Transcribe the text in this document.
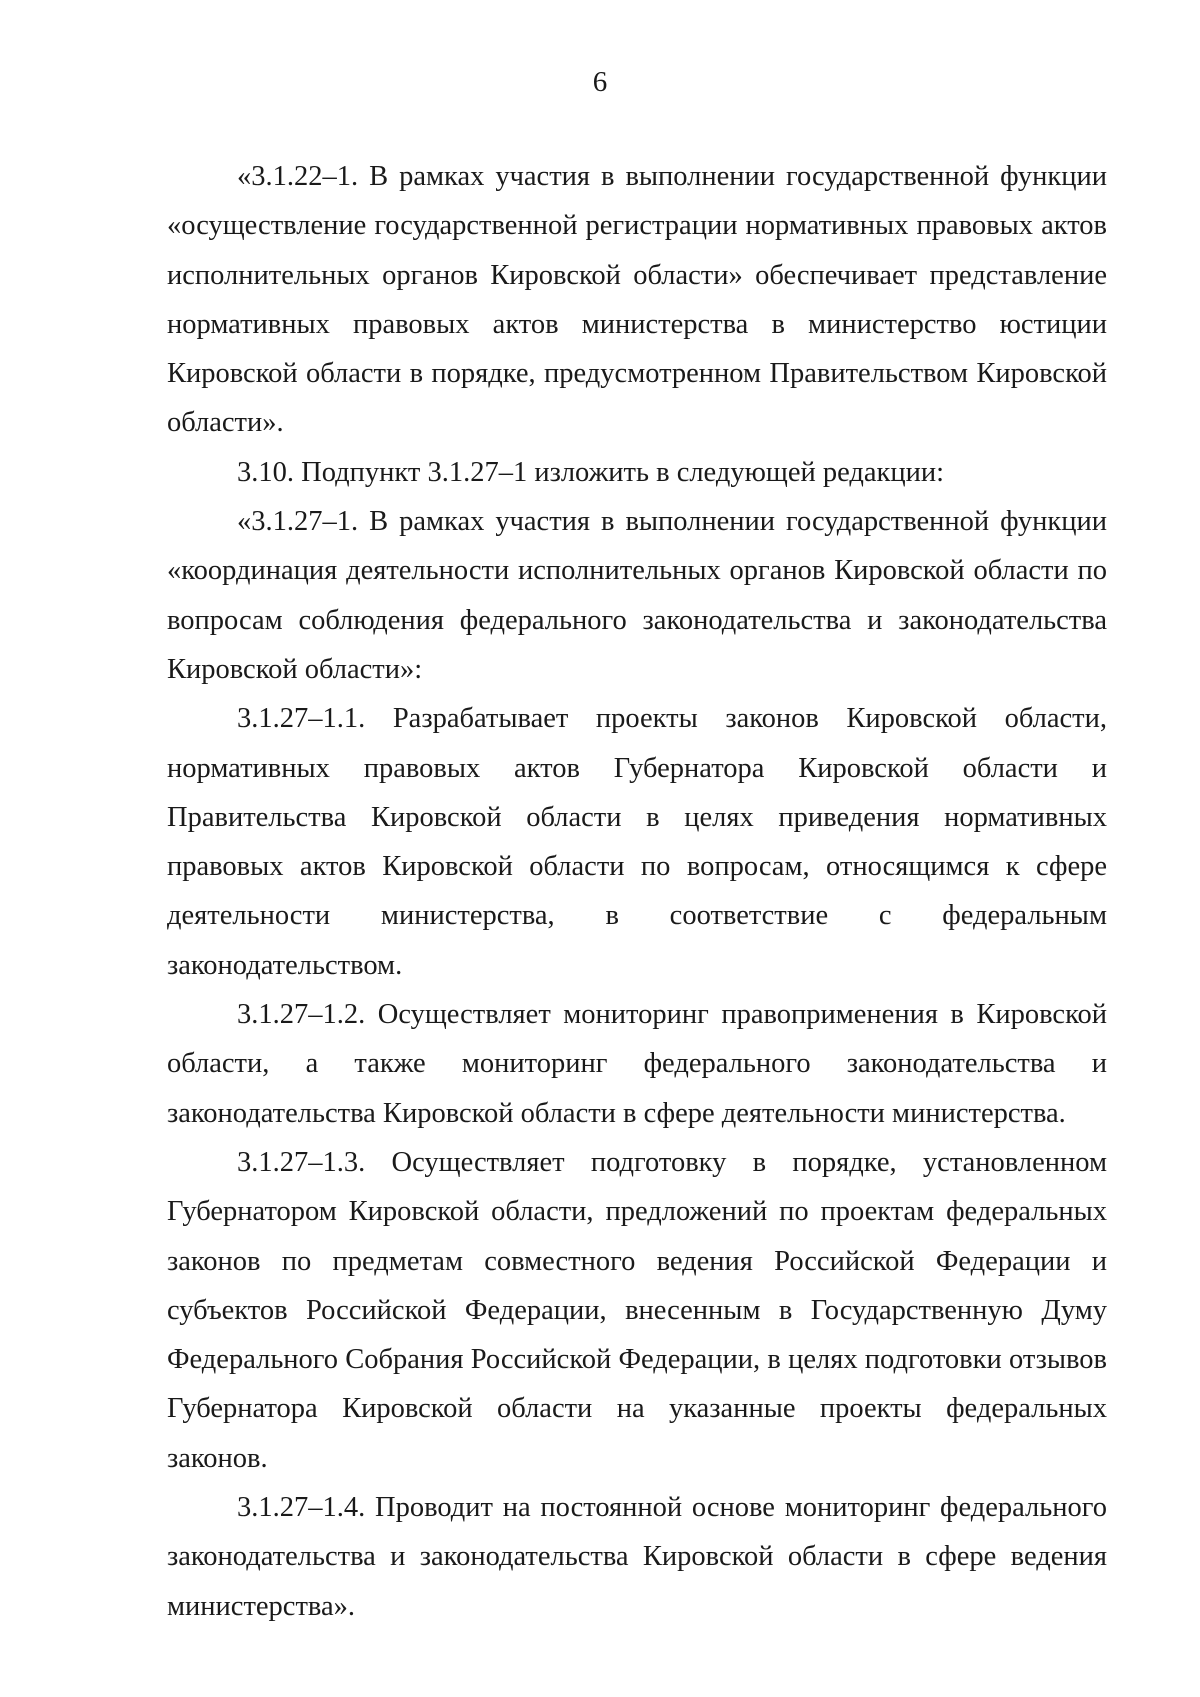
6

«3.1.22–1. В рамках участия в выполнении государственной функции «осуществление государственной регистрации нормативных правовых актов исполнительных органов Кировской области» обеспечивает представление нормативных правовых актов министерства в министерство юстиции Кировской области в порядке, предусмотренном Правительством Кировской области».

3.10. Подпункт 3.1.27–1 изложить в следующей редакции:

«3.1.27–1. В рамках участия в выполнении государственной функции «координация деятельности исполнительных органов Кировской области по вопросам соблюдения федерального законодательства и законодательства Кировской области»:

3.1.27–1.1. Разрабатывает проекты законов Кировской области, нормативных правовых актов Губернатора Кировской области и Правительства Кировской области в целях приведения нормативных правовых актов Кировской области по вопросам, относящимся к сфере деятельности министерства, в соответствие с федеральным законодательством.

3.1.27–1.2. Осуществляет мониторинг правоприменения в Кировской области, а также мониторинг федерального законодательства и законодательства Кировской области в сфере деятельности министерства.

3.1.27–1.3. Осуществляет подготовку в порядке, установленном Губернатором Кировской области, предложений по проектам федеральных законов по предметам совместного ведения Российской Федерации и субъектов Российской Федерации, внесенным в Государственную Думу Федерального Собрания Российской Федерации, в целях подготовки отзывов Губернатора Кировской области на указанные проекты федеральных законов.

3.1.27–1.4. Проводит на постоянной основе мониторинг федерального законодательства и законодательства Кировской области в сфере ведения министерства».
